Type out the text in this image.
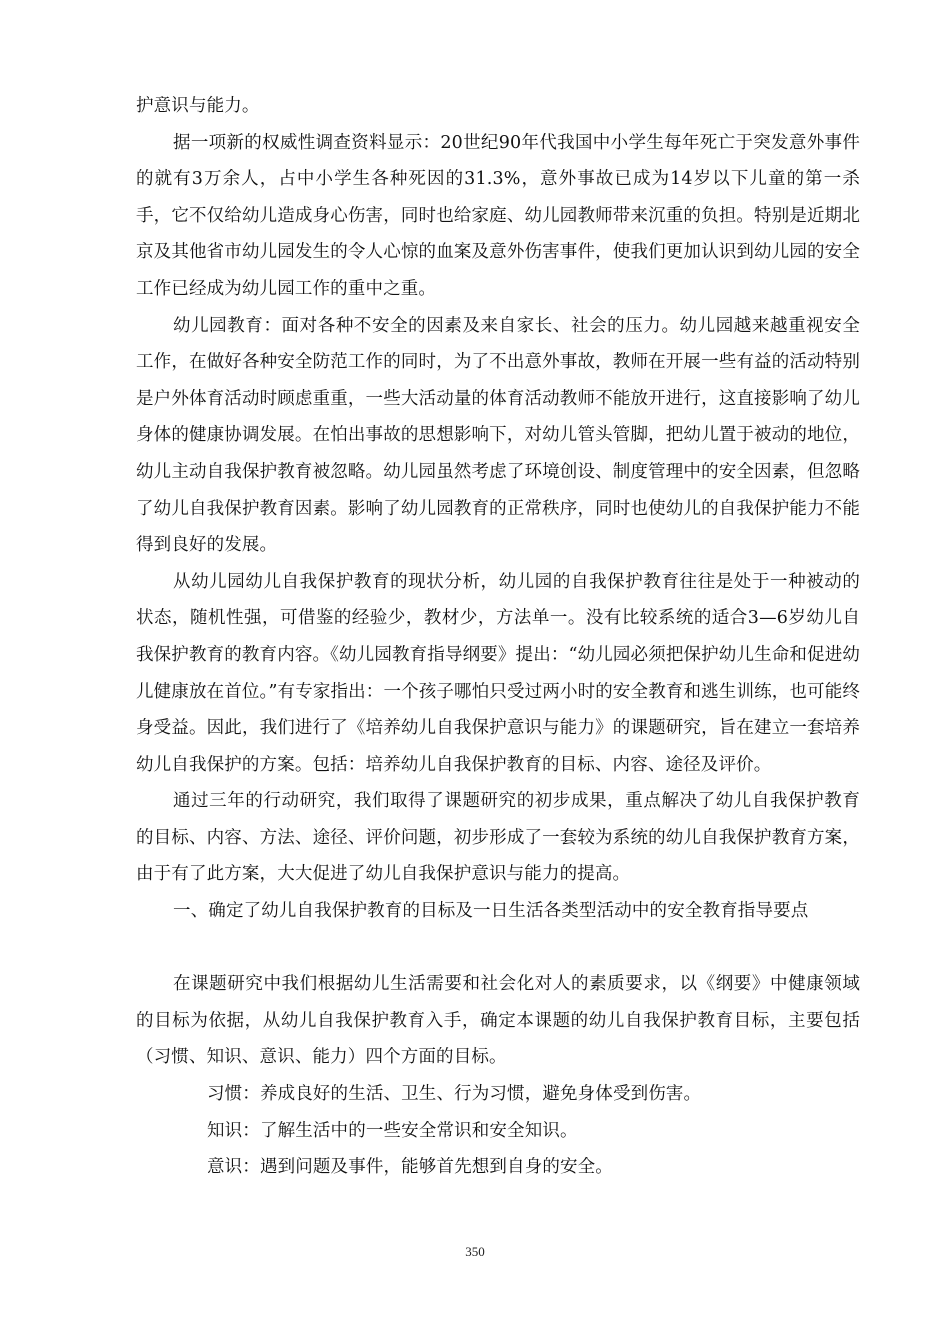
护意识与能力。

据一项新的权威性调查资料显示：20世纪90年代我国中小学生每年死亡于突发意外事件的就有3万余人，占中小学生各种死因的31.3%，意外事故已成为14岁以下儿童的第一杀手，它不仅给幼儿造成身心伤害，同时也给家庭、幼儿园教师带来沉重的负担。特别是近期北京及其他省市幼儿园发生的令人心惊的血案及意外伤害事件，使我们更加认识到幼儿园的安全工作已经成为幼儿园工作的重中之重。

幼儿园教育：面对各种不安全的因素及来自家长、社会的压力。幼儿园越来越重视安全工作，在做好各种安全防范工作的同时，为了不出意外事故，教师在开展一些有益的活动特别是户外体育活动时顾虑重重，一些大活动量的体育活动教师不能放开进行，这直接影响了幼儿身体的健康协调发展。在怕出事故的思想影响下，对幼儿管头管脚，把幼儿置于被动的地位，幼儿主动自我保护教育被忽略。幼儿园虽然考虑了环境创设、制度管理中的安全因素，但忽略了幼儿自我保护教育因素。影响了幼儿园教育的正常秩序，同时也使幼儿的自我保护能力不能得到良好的发展。

从幼儿园幼儿自我保护教育的现状分析，幼儿园的自我保护教育往往是处于一种被动的状态，随机性强，可借鉴的经验少，教材少，方法单一。没有比较系统的适合3—6岁幼儿自我保护教育的教育内容。《幼儿园教育指导纲要》提出：“幼儿园必须把保护幼儿生命和促进幼儿健康放在首位。”有专家指出：一个孩子哪怕只受过两小时的安全教育和逃生训练，也可能终身受益。因此，我们进行了《培养幼儿自我保护意识与能力》的课题研究，旨在建立一套培养幼儿自我保护的方案。包括：培养幼儿自我保护教育的目标、内容、途径及评价。

通过三年的行动研究，我们取得了课题研究的初步成果，重点解决了幼儿自我保护教育的目标、内容、方法、途径、评价问题，初步形成了一套较为系统的幼儿自我保护教育方案，由于有了此方案，大大促进了幼儿自我保护意识与能力的提高。

一、确定了幼儿自我保护教育的目标及一日生活各类型活动中的安全教育指导要点

在课题研究中我们根据幼儿生活需要和社会化对人的素质要求，以《纲要》中健康领域的目标为依据，从幼儿自我保护教育入手，确定本课题的幼儿自我保护教育目标，主要包括（习惯、知识、意识、能力）四个方面的目标。

习惯：养成良好的生活、卫生、行为习惯，避免身体受到伤害。

知识：了解生活中的一些安全常识和安全知识。

意识：遇到问题及事件，能够首先想到自身的安全。

350
